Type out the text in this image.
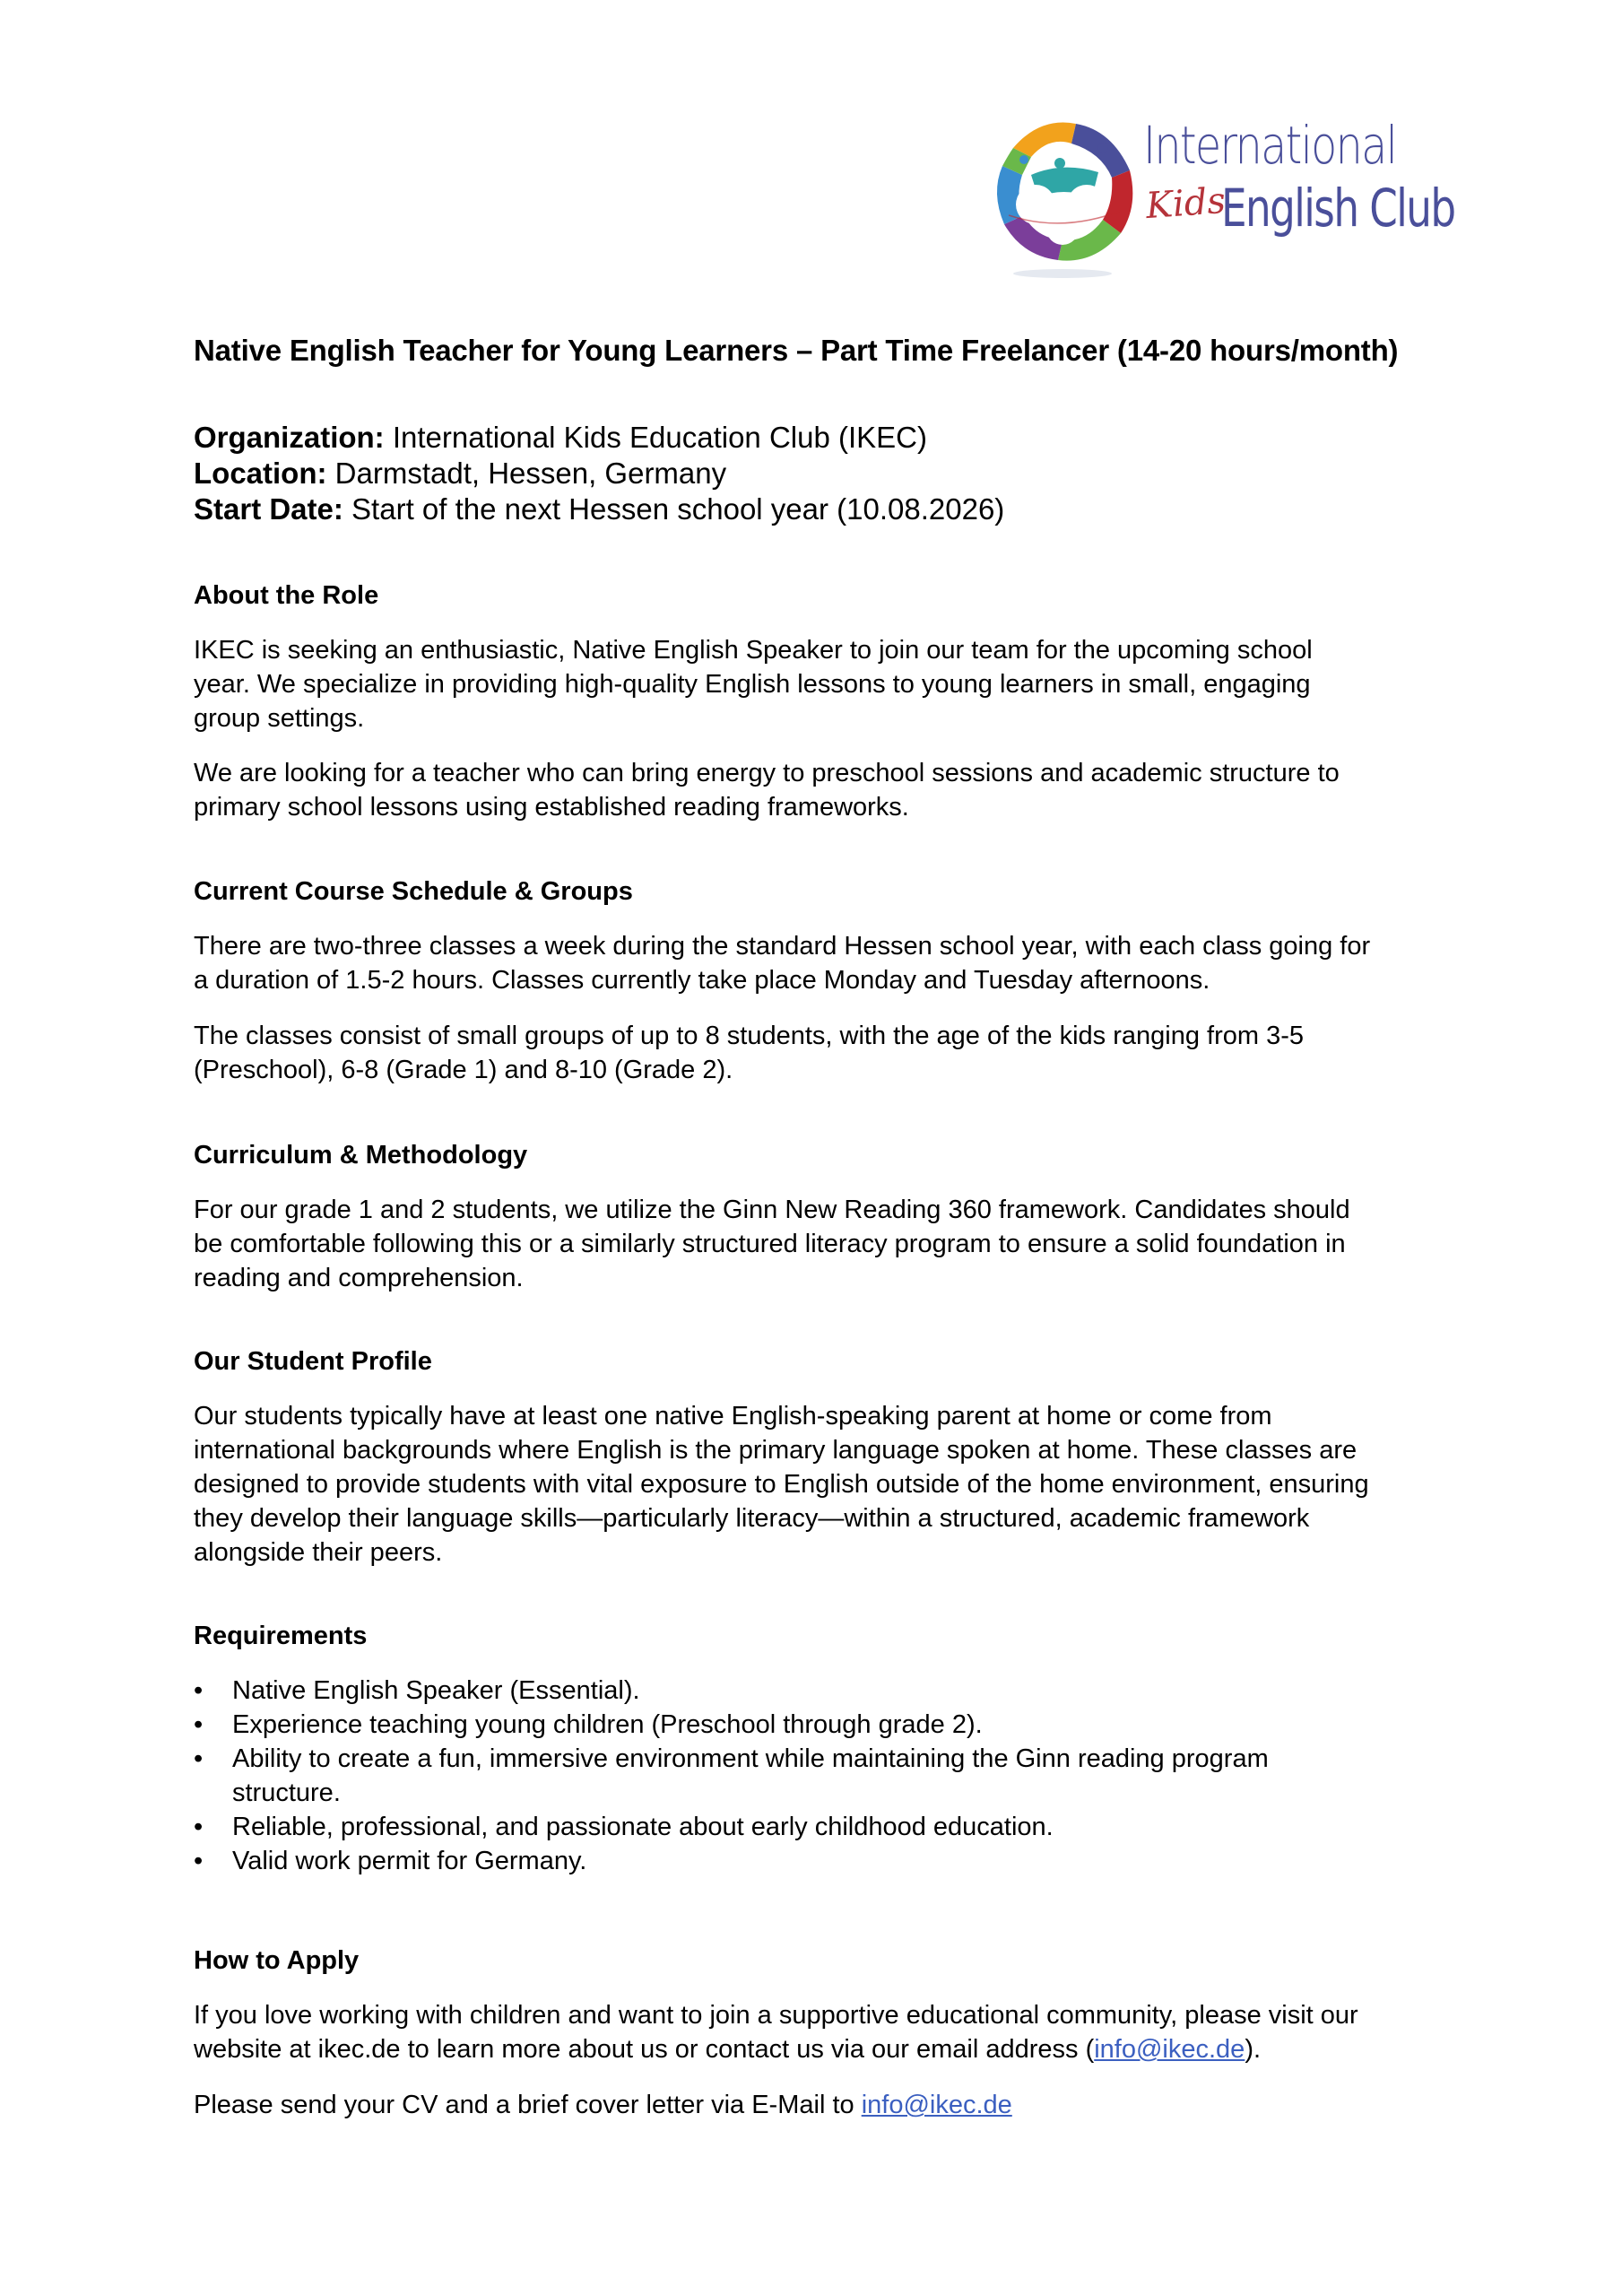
International
Kids
English Club
Native English Teacher for Young Learners – Part Time Freelancer (14-20 hours/month)
Organization: International Kids Education Club (IKEC)
Location: Darmstadt, Hessen, Germany
Start Date: Start of the next Hessen school year (10.08.2026)
About the Role
IKEC is seeking an enthusiastic, Native English Speaker to join our team for the upcoming school
year. We specialize in providing high-quality English lessons to young learners in small, engaging
group settings.
We are looking for a teacher who can bring energy to preschool sessions and academic structure to
primary school lessons using established reading frameworks.
Current Course Schedule & Groups
There are two-three classes a week during the standard Hessen school year, with each class going for
a duration of 1.5-2 hours. Classes currently take place Monday and Tuesday afternoons.
The classes consist of small groups of up to 8 students, with the age of the kids ranging from 3-5
(Preschool), 6-8 (Grade 1) and 8-10 (Grade 2).
Curriculum & Methodology
For our grade 1 and 2 students, we utilize the Ginn New Reading 360 framework. Candidates should
be comfortable following this or a similarly structured literacy program to ensure a solid foundation in
reading and comprehension.
Our Student Profile
Our students typically have at least one native English-speaking parent at home or come from
international backgrounds where English is the primary language spoken at home. These classes are
designed to provide students with vital exposure to English outside of the home environment, ensuring
they develop their language skills—particularly literacy—within a structured, academic framework
alongside their peers.
Requirements
• Native English Speaker (Essential).
• Experience teaching young children (Preschool through grade 2).
• Ability to create a fun, immersive environment while maintaining the Ginn reading program
structure.
• Reliable, professional, and passionate about early childhood education.
• Valid work permit for Germany.
How to Apply
If you love working with children and want to join a supportive educational community, please visit our
website at ikec.de to learn more about us or contact us via our email address (info@ikec.de).
Please send your CV and a brief cover letter via E-Mail to info@ikec.de
